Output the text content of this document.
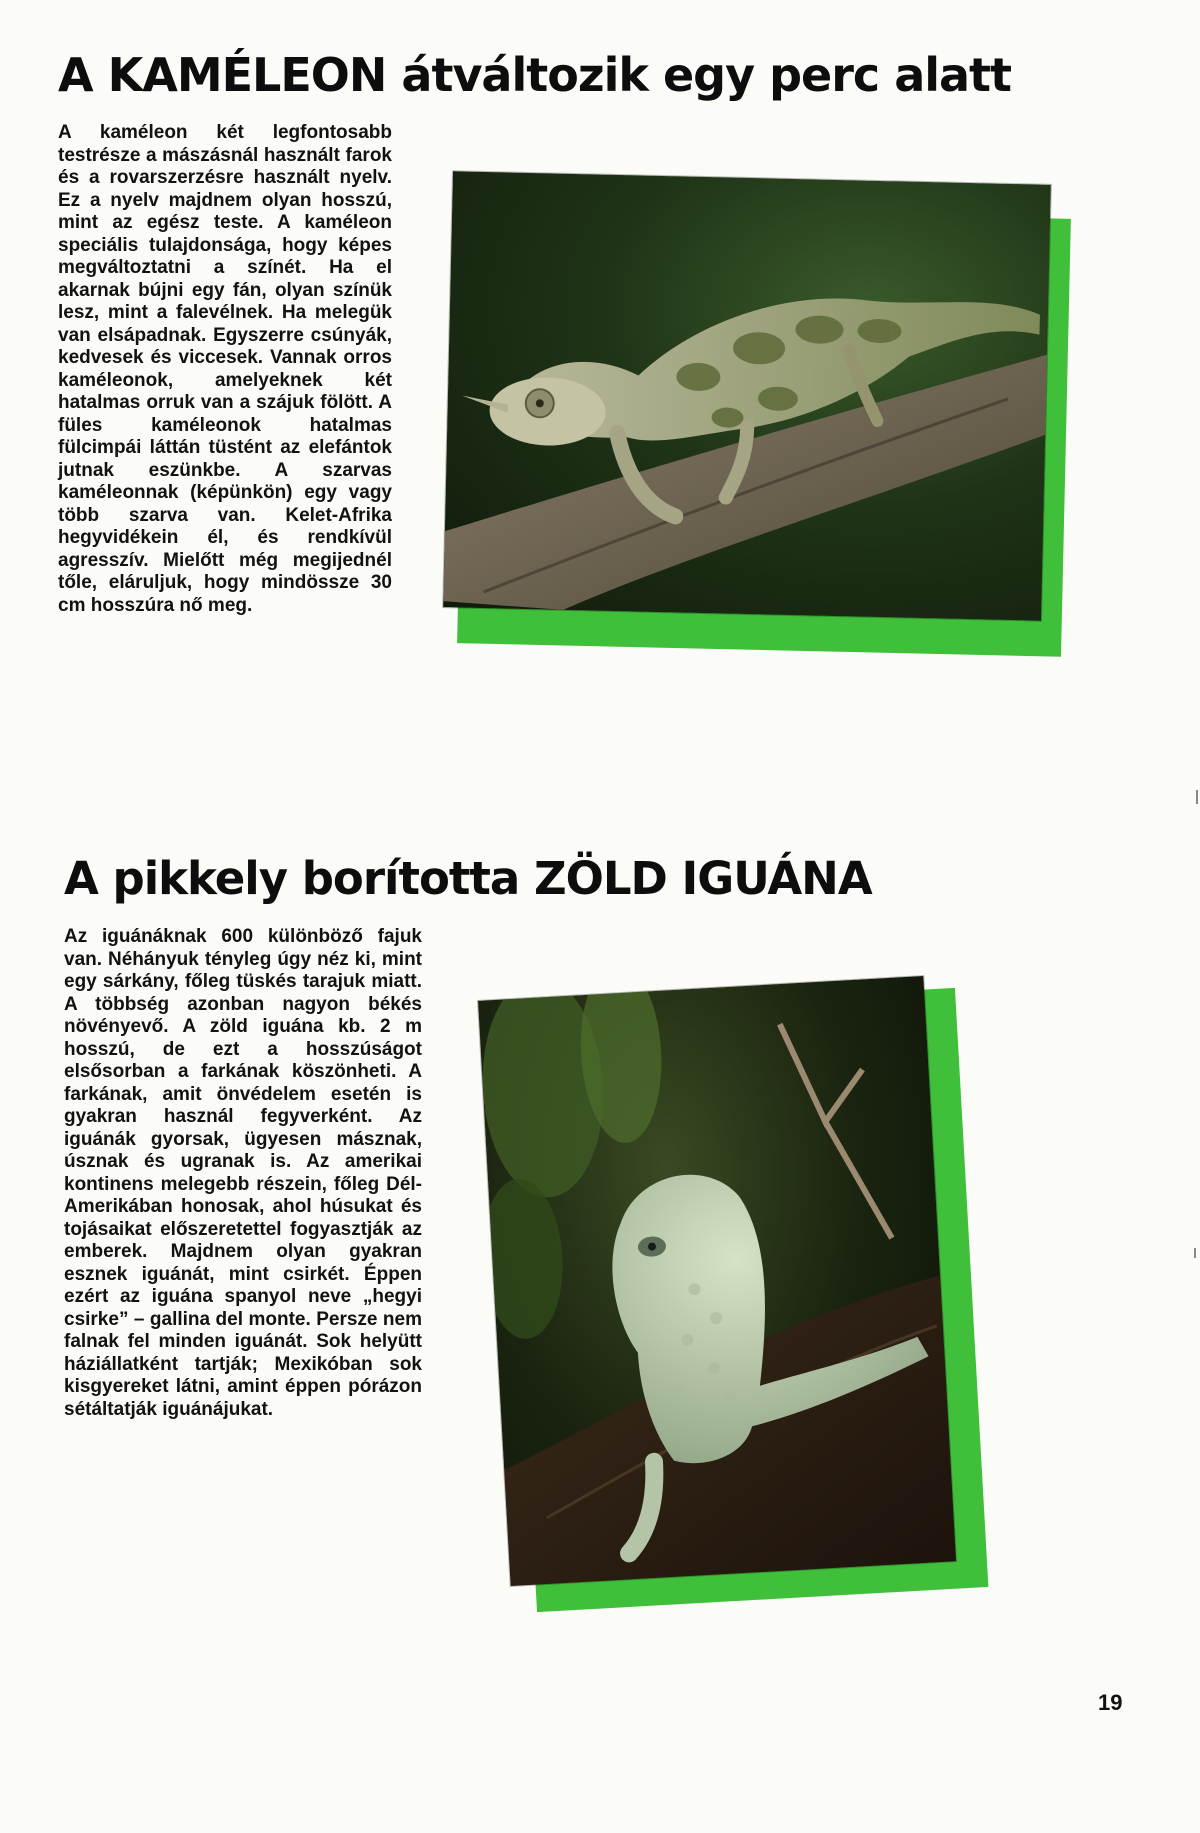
A KAMÉLEON átváltozik egy perc alatt

A kaméleon két legfontosabb testrésze a mászásnál használt farok és a rovarszerzésre használt nyelv. Ez a nyelv majdnem olyan hosszú, mint az egész teste. A kaméleon speciális tulajdonsága, hogy képes megváltoztatni a színét. Ha el akarnak bújni egy fán, olyan színük lesz, mint a falevélnek. Ha melegük van elsápadnak. Egyszerre csúnyák, kedvesek és viccesek. Vannak orros kaméleonok, amelyeknek két hatalmas orruk van a szájuk fölött. A füles kaméleonok hatalmas fülcimpái láttán tüstént az elefántok jutnak eszünkbe. A szarvas kaméleonnak (képünkön) egy vagy több szarva van. Kelet-Afrika hegyvidékein él, és rendkívül agresszív. Mielőtt még megijednél tőle, eláruljuk, hogy mindössze 30 cm hosszúra nő meg.

A pikkely borította ZÖLD IGUÁNA

Az iguánáknak 600 különböző fajuk van. Néhányuk tényleg úgy néz ki, mint egy sárkány, főleg tüskés tarajuk miatt. A többség azonban nagyon békés növényevő. A zöld iguána kb. 2 m hosszú, de ezt a hosszúságot elsősorban a farkának köszönheti. A farkának, amit önvédelem esetén is gyakran használ fegyverként. Az iguánák gyorsak, ügyesen másznak, úsznak és ugranak is. Az amerikai kontinens melegebb részein, főleg Dél-Amerikában honosak, ahol húsukat és tojásaikat előszeretettel fogyasztják az emberek. Majdnem olyan gyakran esznek iguánát, mint csirkét. Éppen ezért az iguána spanyol neve „hegyi csirke” – gallina del monte. Persze nem falnak fel minden iguánát. Sok helyütt háziállatként tartják; Mexikóban sok kisgyereket látni, amint éppen pórázon sétáltatják iguánájukat.

19
